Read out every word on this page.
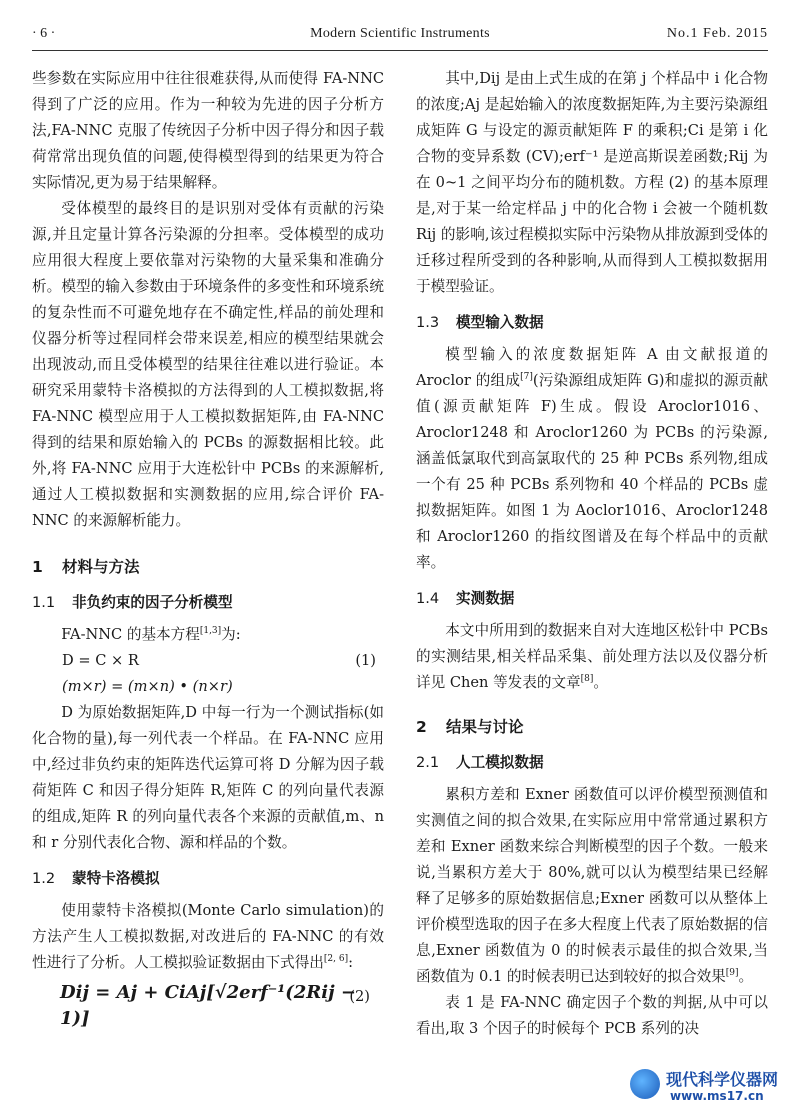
· 6 ·	Modern Scientific Instruments	No.1 Feb. 2015

些参数在实际应用中往往很难获得,从而使得 FA-NNC 得到了广泛的应用。作为一种较为先进的因子分析方法,FA-NNC 克服了传统因子分析中因子得分和因子载荷常常出现负值的问题,使得模型得到的结果更为符合实际情况,更为易于结果解释。

受体模型的最终目的是识别对受体有贡献的污染源,并且定量计算各污染源的分担率。受体模型的成功应用很大程度上要依靠对污染物的大量采集和准确分析。模型的输入参数由于环境条件的多变性和环境系统的复杂性而不可避免地存在不确定性,样品的前处理和仪器分析等过程同样会带来误差,相应的模型结果就会出现波动,而且受体模型的结果往往难以进行验证。本研究采用蒙特卡洛模拟的方法得到的人工模拟数据,将 FA-NNC 模型应用于人工模拟数据矩阵,由 FA-NNC 得到的结果和原始输入的 PCBs 的源数据相比较。此外,将 FA-NNC 应用于大连松针中 PCBs 的来源解析,通过人工模拟数据和实测数据的应用,综合评价 FA-NNC 的来源解析能力。

1 材料与方法
1.1 非负约束的因子分析模型

FA-NNC 的基本方程[1,3]为:

D = C × R	(1)
(m×r) = (m×n) • (n×r)

D 为原始数据矩阵,D 中每一行为一个测试指标(如化合物的量),每一列代表一个样品。在 FA-NNC 应用中,经过非负约束的矩阵迭代运算可将 D 分解为因子载荷矩阵 C 和因子得分矩阵 R,矩阵 C 的列向量代表源的组成,矩阵 R 的列向量代表各个来源的贡献值,m、n 和 r 分别代表化合物、源和样品的个数。

1.2 蒙特卡洛模拟

使用蒙特卡洛模拟(Monte Carlo simulation)的方法产生人工模拟数据,对改进后的 FA-NNC 的有效性进行了分析。人工模拟验证数据由下式得出[2, 6]:

Dij = Aj + CiAj[√2erf⁻¹(2Rij − 1)]
(2)

其中,Dij 是由上式生成的在第 j 个样品中 i 化合物的浓度;Aj 是起始输入的浓度数据矩阵,为主要污染源组成矩阵 G 与设定的源贡献矩阵 F 的乘积;Ci 是第 i 化合物的变异系数 (CV);erf⁻¹ 是逆高斯误差函数;Rij 为在 0~1 之间平均分布的随机数。方程 (2) 的基本原理是,对于某一给定样品 j 中的化合物 i 会被一个随机数 Rij 的影响,该过程模拟实际中污染物从排放源到受体的迁移过程所受到的各种影响,从而得到人工模拟数据用于模型验证。

1.3 模型输入数据

模型输入的浓度数据矩阵 A 由文献报道的 Aroclor 的组成[7](污染源组成矩阵 G)和虚拟的源贡献值(源贡献矩阵 F)生成。假设 Aroclor1016、Aroclor1248 和 Aroclor1260 为 PCBs 的污染源,涵盖低氯取代到高氯取代的 25 种 PCBs 系列物,组成一个有 25 种 PCBs 系列物和 40 个样品的 PCBs 虚拟数据矩阵。如图 1 为 Aoclor1016、Aroclor1248 和 Aroclor1260 的指纹图谱及在每个样品中的贡献率。

1.4 实测数据

本文中所用到的数据来自对大连地区松针中 PCBs 的实测结果,相关样品采集、前处理方法以及仪器分析详见 Chen 等发表的文章[8]。

2 结果与讨论
2.1 人工模拟数据

累积方差和 Exner 函数值可以评价模型预测值和实测值之间的拟合效果,在实际应用中常常通过累积方差和 Exner 函数来综合判断模型的因子个数。一般来说,当累积方差大于 80%,就可以认为模型结果已经解释了足够多的原始数据信息;Exner 函数可以从整体上评价模型选取的因子在多大程度上代表了原始数据的信息,Exner 函数值为 0 的时候表示最佳的拟合效果,当函数值为 0.1 的时候表明已达到较好的拟合效果[9]。

表 1 是 FA-NNC 确定因子个数的判据,从中可以看出,取 3 个因子的时候每个 PCB 系列的决

现代科学仪器网
www.ms17.cn
